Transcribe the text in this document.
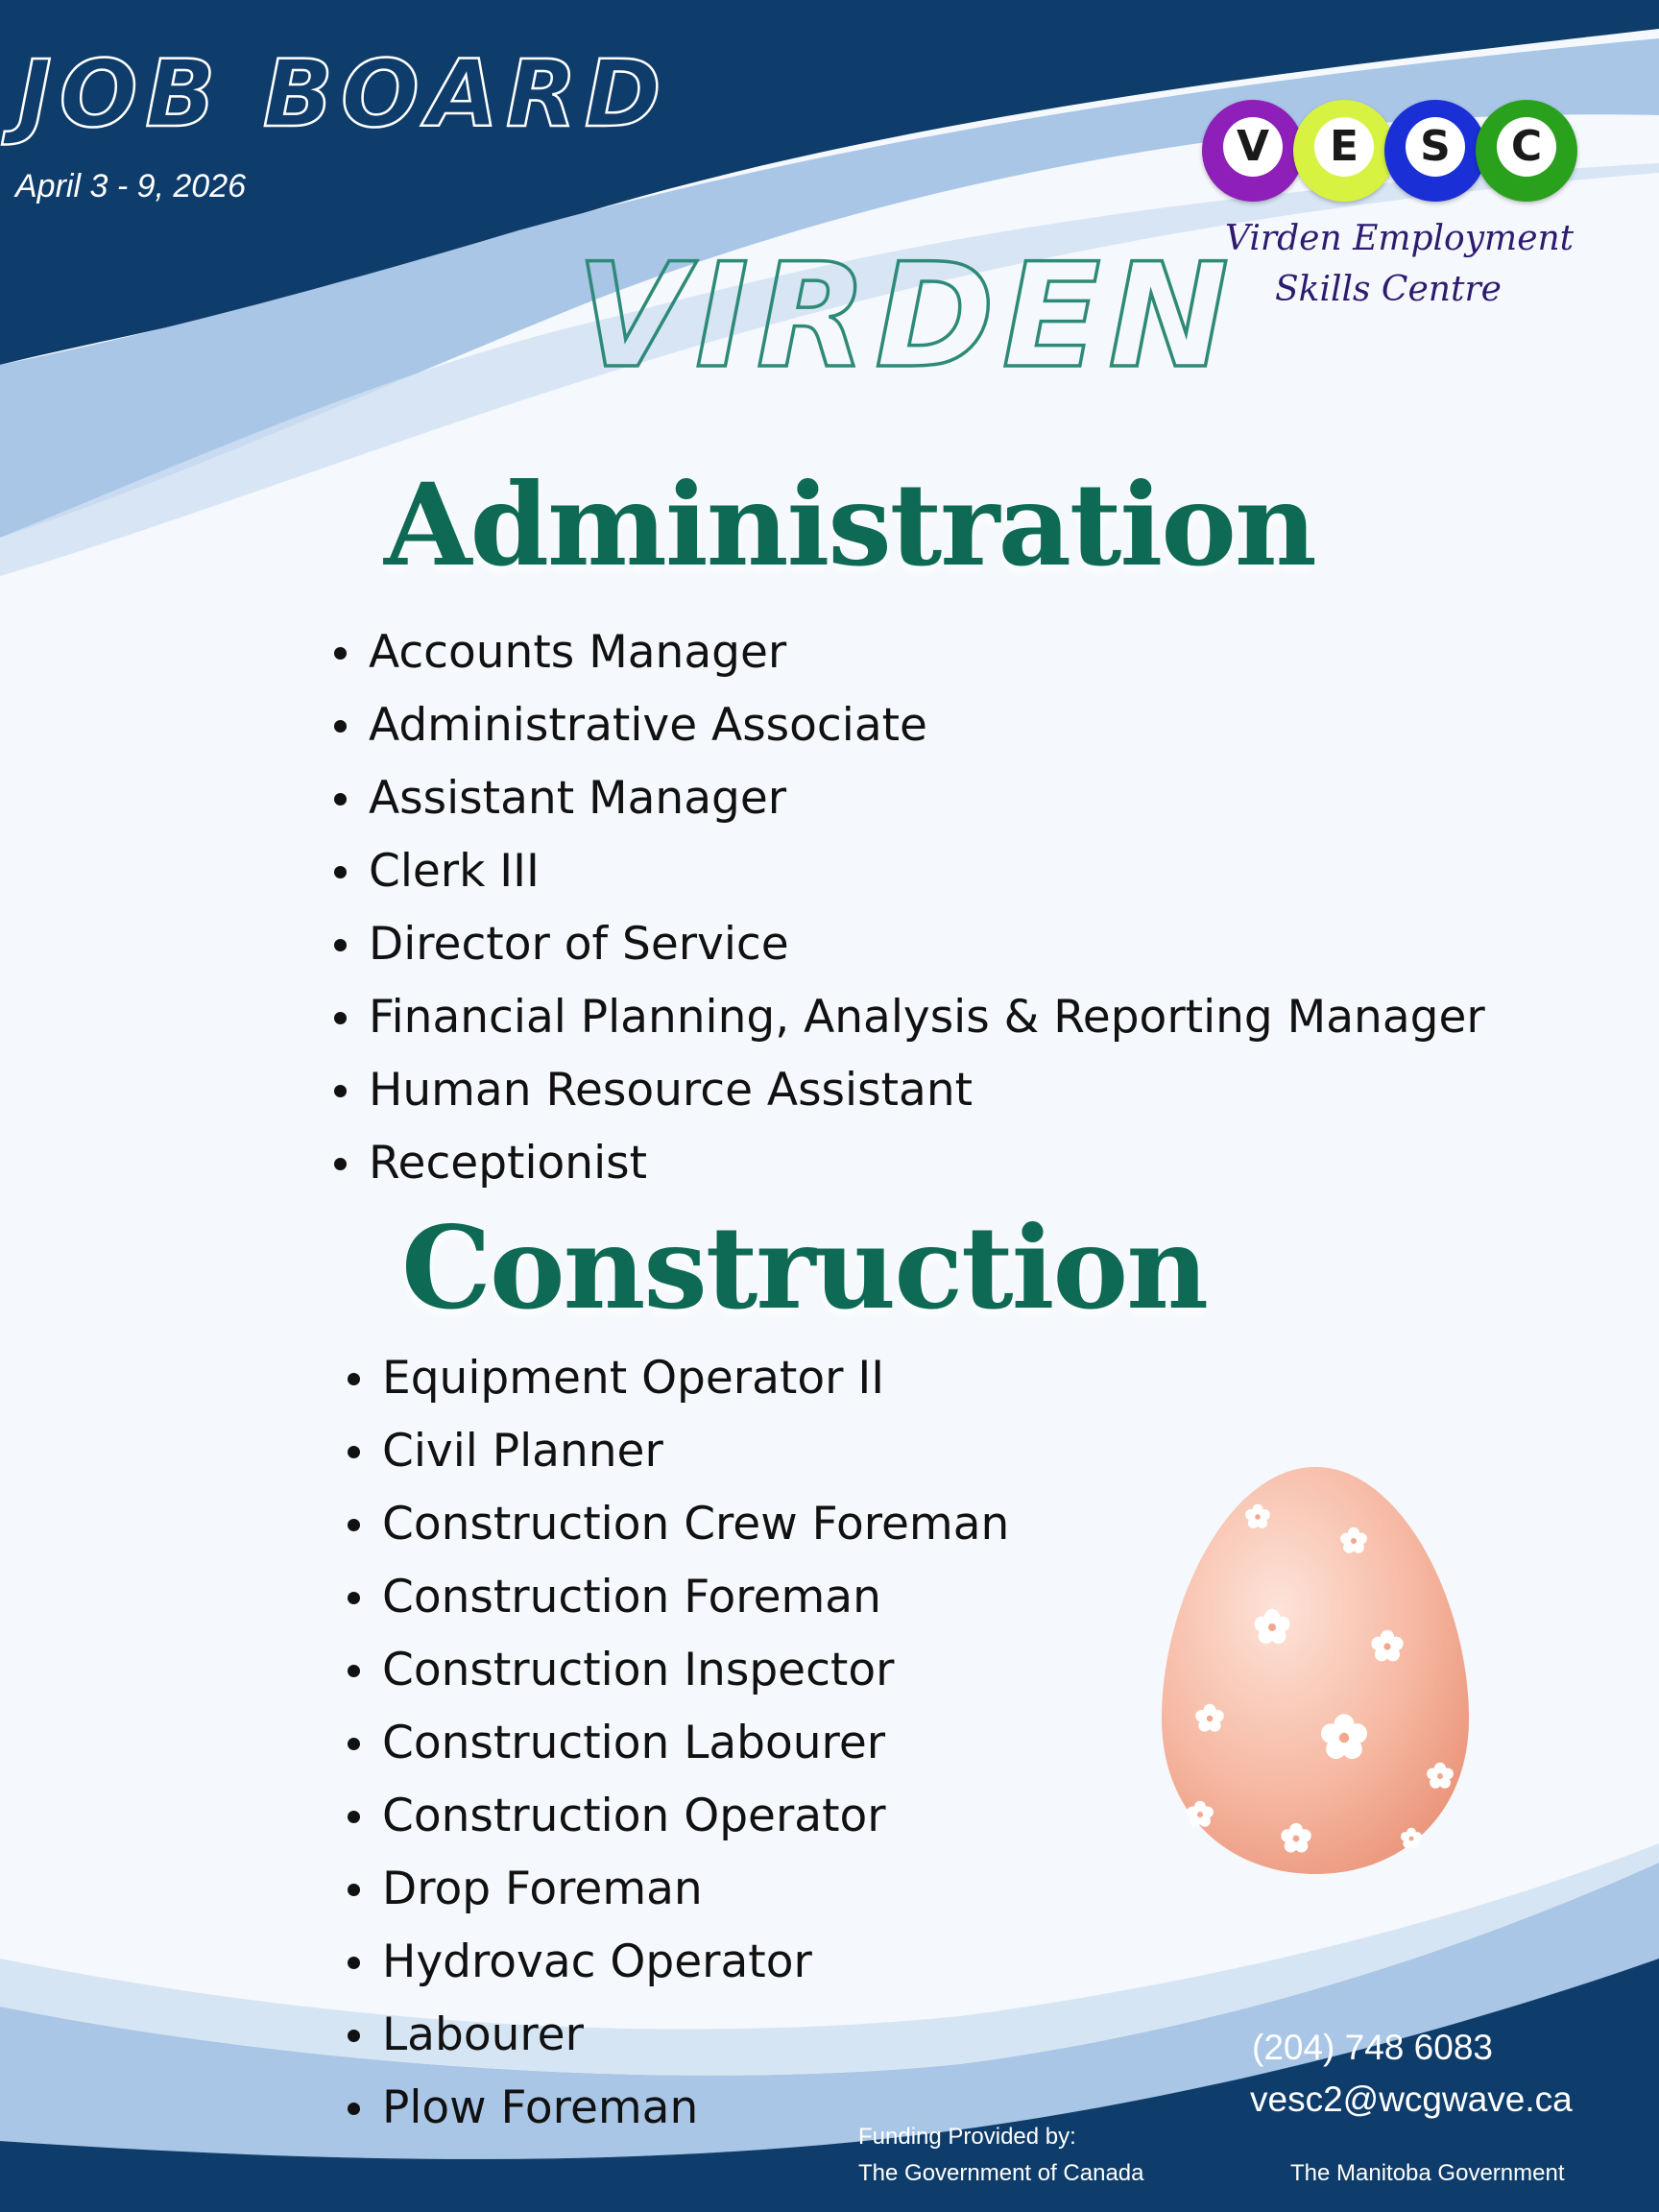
JOB BOARD
April 3 - 9, 2026
V	E	S	C
Virden Employment
Skills Centre
VIRDEN
Administration
Accounts Manager
Administrative Associate
Assistant Manager
Clerk III
Director of Service
Financial Planning, Analysis & Reporting Manager
Human Resource Assistant
Receptionist
Construction
Equipment Operator II
Civil Planner
Construction Crew Foreman
Construction Foreman
Construction Inspector
Construction Labourer
Construction Operator
Drop Foreman
Hydrovac Operator
Labourer
Plow Foreman
(204) 748 6083
vesc2@wcgwave.ca
Funding Provided by:
The Government of Canada	The Manitoba Government
